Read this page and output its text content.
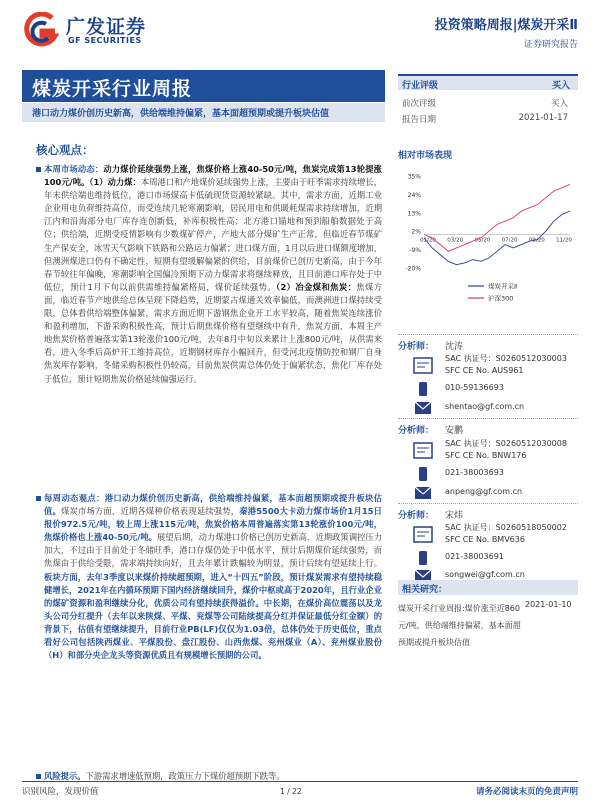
广发证券
GF SECURITIES
投资策略周报|煤炭开采Ⅱ
证券研究报告
煤炭开采行业周报
港口动力煤价创历史新高，供给端维持偏紧，基本面超预期或提升板块估值
核心观点：
本周市场动态：动力煤价延续强势上涨，焦煤价格上涨40-50元/吨，焦炭完成第13轮提涨100元/吨。（1）动力煤：本周港口和产地煤价延续强势上涨，主要由于旺季需求持续增长，年末供给端也维持低位，港口市场煤高卡低硫现货资源较紧缺。其中，需求方面，近期工业企业用电负荷维持高位，而受连续几轮寒潮影响，居民用电和供暖耗煤需求持续增加，近期江内和沿海部分电厂库存连创新低，补库积极性高；北方港口锚地和预到船舶数据处于高位；供给端，近期受疫情影响有少数煤矿停产，产地大部分煤矿生产正常，但临近春节煤矿生产保安全，冰雪天气影响下铁路和公路运力偏紧；进口煤方面，1月以后进口煤额度增加，但澳洲煤进口仍有不确定性，短期有望缓解偏紧的供给，目前煤价已创历史新高，由于今年春节较往年偏晚，寒潮影响全国偏冷预期下动力煤需求将继续释放，且目前港口库存处于中低位，预计1月下旬以前供需维持偏紧格局，煤价延续强势。（2）冶金煤和焦炭：焦煤方面，临近春节产地供给总体呈现下降趋势，近期蒙古煤通关效率偏低，而澳洲进口煤持续受限，总体看供给端整体偏紧，需求方面近期下游钢焦企业开工水平较高，随着焦炭连续涨价和盈利增加，下游采购积极性高，预计后期焦煤价格有望继续中有升，焦炭方面，本周主产地焦炭价格普遍落实第13轮涨价100元/吨，去年8月中旬以来累计上涨800元/吨，从供需来看，进入冬季后高炉开工维持高位，近期钢材库存小幅回升，但受河北疫情防控和钢厂自身焦炭库存影响，冬储采购积极性仍较高，目前焦炭供需总体仍处于偏紧状态，焦化厂库存处于低位，预计短期焦炭价格延续偏强运行。
每周动态观点：港口动力煤价创历史新高，供给端维持偏紧，基本面超预期或提升板块估值。煤炭市场方面，近期各煤种价格表现延续强势，秦港5500大卡动力煤市场价1月15日报价972.5元/吨，较上周上涨115元/吨，焦炭价格本周普遍落实第13轮涨价100元/吨，焦煤价格也上涨40-50元/吨。展望后期，动力煤港口价格已创历史新高，近期政策调控压力加大，不过由于目前处于冬储旺季，港口存煤仍处于中低水平，预计后期煤价延续强势，而焦煤由于供给受限，需求端持续向好，且去年累计跌幅较为明显，预计后续有望延续上行。板块方面，去年3季度以来煤价持续超预期，进入“十四五”阶段，预计煤炭需求有望持续稳健增长，2021年在内循环预期下国内经济继续回升，煤价中枢或高于2020年，且行业企业的煤矿资源和盈利继续分化，优质公司有望持续获得溢价。中长期，在煤价高位震荡以及龙头公司分红提升（去年以来陕煤、平煤、兖煤等公司陆续提高分红并保证最低分红金额）的背景下，估值有望继续提升，目前行业PB(LF)仅仅为1.03倍，总体仍处于历史低位，重点看好公司包括陕西煤业、平煤股份、盘江股份、山西焦煤、兖州煤业（A）、兖州煤业股份（H）和部分央企龙头等资源优质且有规模增长预期的公司。
风险提示。下游需求增速低预期，政策压力下煤价超预期下跌等。
行业评级	买入
前次评级	买入
报告日期	2021-01-17
相对市场表现
35%
24%
13%
2%
-9%
-20%
01/20 03/20 05/20 07/20 09/20 11/20
煤炭开采Ⅱ
沪深300
分析师： 沈涛
SAC 执证号：S0260512030003
SFC CE No. AUS961
010-59136693
shentao@gf.com.cn
分析师： 安鹏
SAC 执证号：S0260512030008
SFC CE No. BNW176
021-38003693
anpeng@gf.com.cn
分析师： 宋炜
SAC 执证号：S0260518050002
SFC CE No. BMV636
021-38003691
songwei@gf.com.cn
相关研究：
煤炭开采行业周报:煤价涨至近860元/吨，供给端维持偏紧，基本面超预期或提升板块估值
2021-01-10
识别风险，发现价值	1 / 22	请务必阅读末页的免责声明
